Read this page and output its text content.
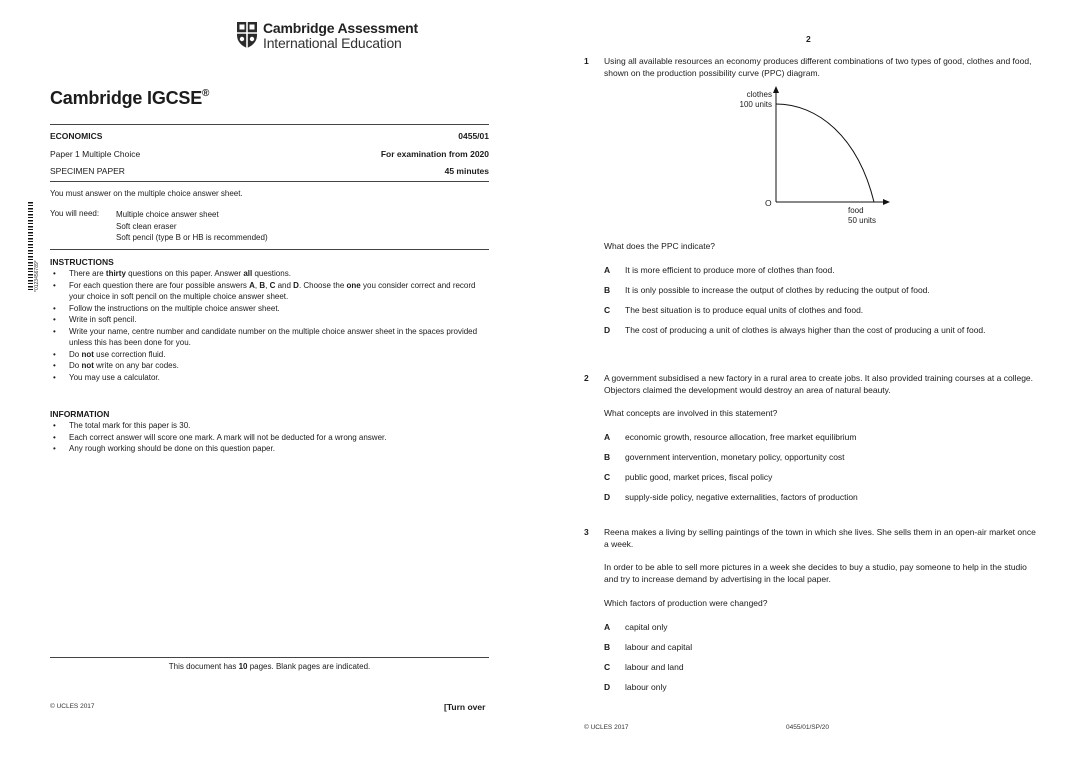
Cambridge Assessment
International Education
Cambridge IGCSE®
ECONOMICS	0455/01
Paper 1 Multiple Choice	For examination from 2020
SPECIMEN PAPER	45 minutes
You must answer on the multiple choice answer sheet.
*0123456789*
You will need:	Multiple choice answer sheet
Soft clean eraser
Soft pencil (type B or HB is recommended)
INSTRUCTIONS
•	There are thirty questions on this paper. Answer all questions.
•	For each question there are four possible answers A, B, C and D. Choose the one you consider correct and record your choice in soft pencil on the multiple choice answer sheet.
•	Follow the instructions on the multiple choice answer sheet.
•	Write in soft pencil.
•	Write your name, centre number and candidate number on the multiple choice answer sheet in the spaces provided unless this has been done for you.
•	Do not use correction fluid.
•	Do not write on any bar codes.
•	You may use a calculator.
INFORMATION
•	The total mark for this paper is 30.
•	Each correct answer will score one mark. A mark will not be deducted for a wrong answer.
•	Any rough working should be done on this question paper.
This document has 10 pages. Blank pages are indicated.
© UCLES 2017	[Turn over
2
1 Using all available resources an economy produces different combinations of two types of good, clothes and food, shown on the production possibility curve (PPC) diagram.
clothes
100 units
O
food
50 units
What does the PPC indicate?
A	It is more efficient to produce more of clothes than food.
B	It is only possible to increase the output of clothes by reducing the output of food.
C	The best situation is to produce equal units of clothes and food.
D	The cost of producing a unit of clothes is always higher than the cost of producing a unit of food.
2 A government subsidised a new factory in a rural area to create jobs. It also provided training courses at a college. Objectors claimed the development would destroy an area of natural beauty.
What concepts are involved in this statement?
A	economic growth, resource allocation, free market equilibrium
B	government intervention, monetary policy, opportunity cost
C	public good, market prices, fiscal policy
D	supply-side policy, negative externalities, factors of production
3 Reena makes a living by selling paintings of the town in which she lives. She sells them in an open-air market once a week.
In order to be able to sell more pictures in a week she decides to buy a studio, pay someone to help in the studio and try to increase demand by advertising in the local paper.
Which factors of production were changed?
A	capital only
B	labour and capital
C	labour and land
D	labour only
© UCLES 2017	0455/01/SP/20
